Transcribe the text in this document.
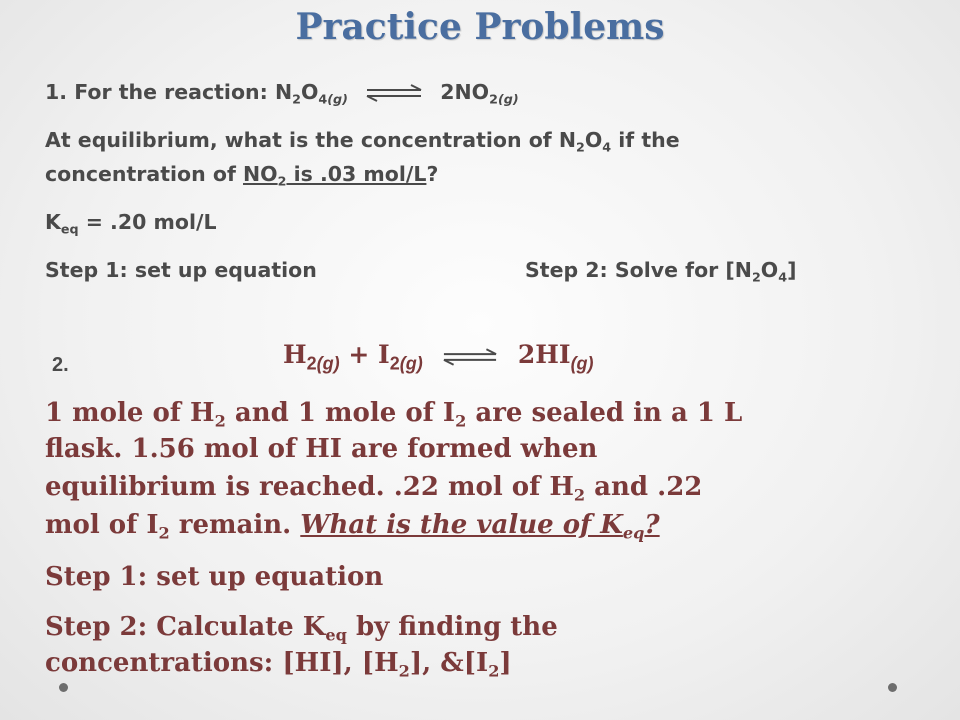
Practice Problems
1. For the reaction: $N_2O_{4(g)}$ ⇌ $2NO_{2(g)}$
At equilibrium, what is the concentration of $N_2O_4$ if the
concentration of $NO_2$ is .03 mol/L?
$K_{eq} = .20$ mol/L
Step 1: set up equation	Step 2: Solve for $[N_2O_4]$
2.	$H_{2(g)} + I_{2(g)}$ ⇌ $2HI_{(g)}$
1 mole of $H_2$ and 1 mole of $I_2$ are sealed in a 1 L
flask. 1.56 mol of HI are formed when
equilibrium is reached. .22 mol of $H_2$ and .22
mol of $I_2$ remain. What is the value of $K_{eq}$?
Step 1: set up equation
Step 2: Calculate $K_{eq}$ by finding the
concentrations: [HI], $[H_2]$, $\&[I_2]$
